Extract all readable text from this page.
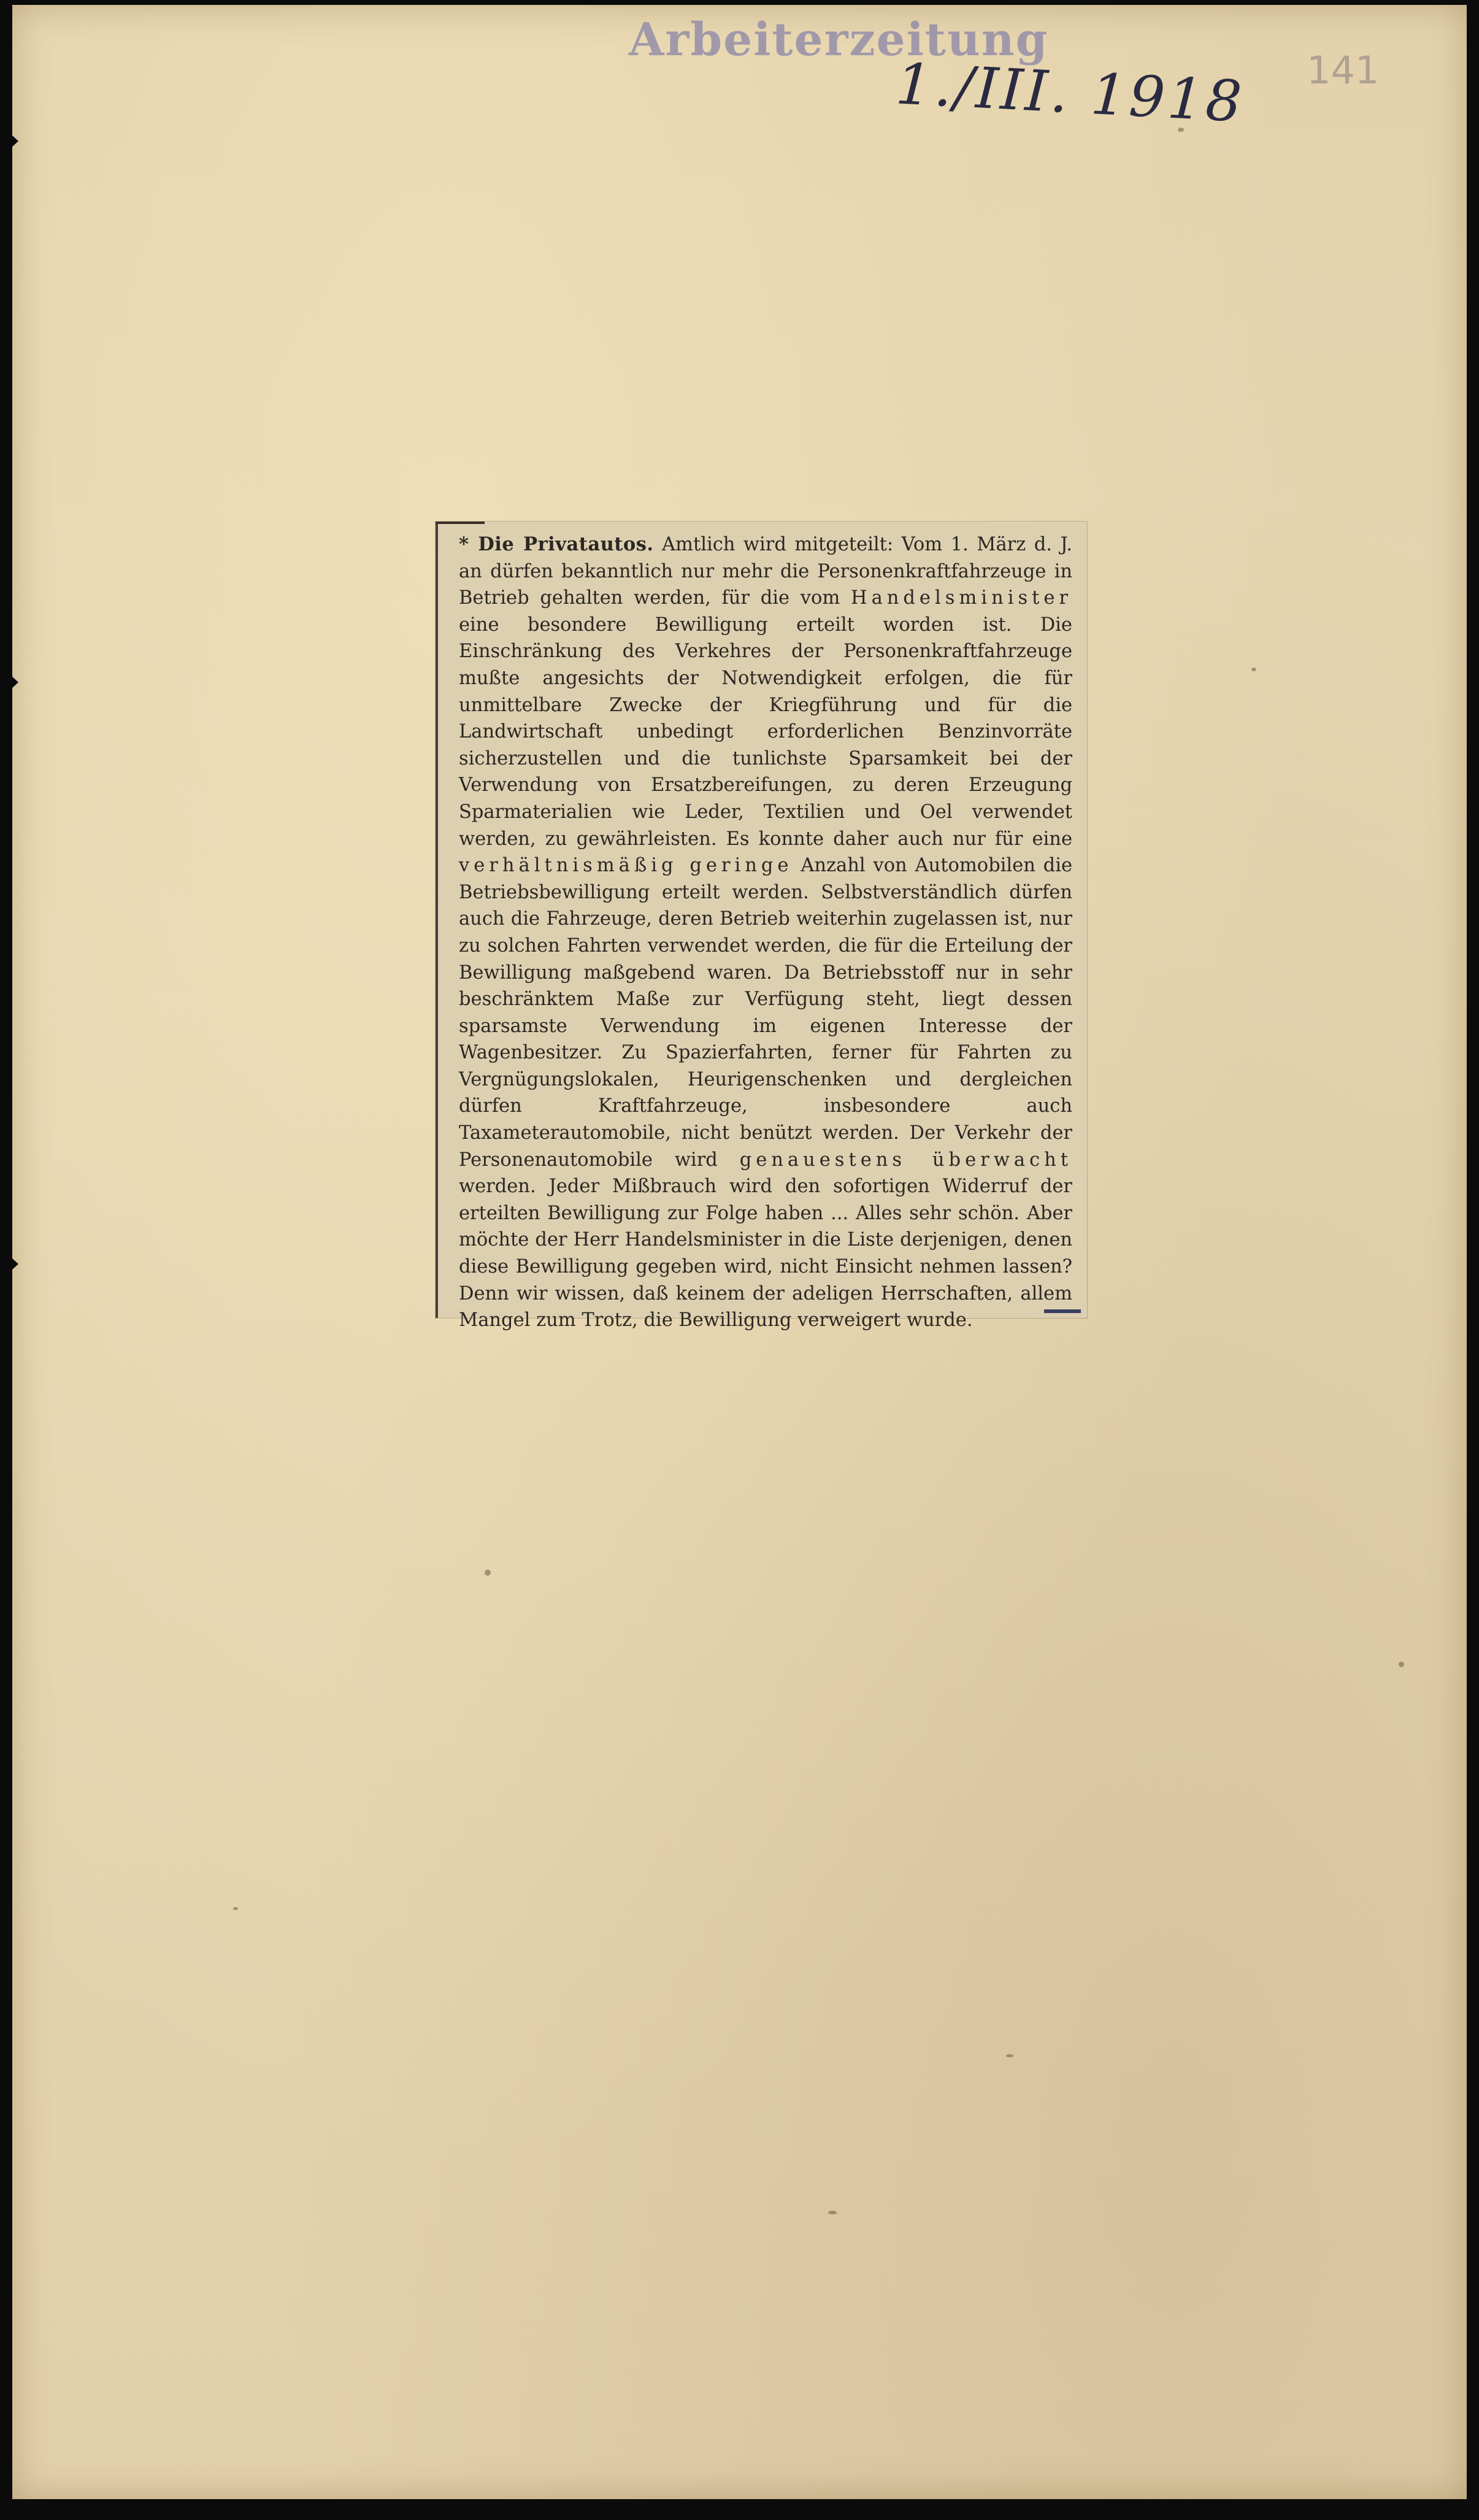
Arbeiterzeitung
1./III. 1918 141

* Die Privatautos. Amtlich wird mitgeteilt: Vom 1. März d. J. an dürfen bekanntlich nur mehr die Personenkraftfahrzeuge in Betrieb gehalten werden, für die vom Handelsminister eine besondere Bewilligung erteilt worden ist. Die Einschränkung des Verkehres der Personenkraftfahrzeuge mußte angesichts der Notwendigkeit erfolgen, die für unmittelbare Zwecke der Kriegführung und für die Landwirtschaft unbedingt erforderlichen Benzinvorräte sicherzustellen und die tunlichste Sparsamkeit bei der Verwendung von Ersatzbereifungen, zu deren Erzeugung Sparmaterialien wie Leder, Textilien und Oel verwendet werden, zu gewährleisten. Es konnte daher auch nur für eine verhältnismäßig geringe Anzahl von Automobilen die Betriebsbewilligung erteilt werden. Selbstverständlich dürfen auch die Fahrzeuge, deren Betrieb weiterhin zugelassen ist, nur zu solchen Fahrten verwendet werden, die für die Erteilung der Bewilligung maßgebend waren. Da Betriebsstoff nur in sehr beschränktem Maße zur Verfügung steht, liegt dessen sparsamste Verwendung im eigenen Interesse der Wagenbesitzer. Zu Spazierfahrten, ferner für Fahrten zu Vergnügungslokalen, Heurigenschenken und dergleichen dürfen Kraftfahrzeuge, insbesondere auch Taxameterautomobile, nicht benützt werden. Der Verkehr der Personenautomobile wird genauestens überwacht werden. Jeder Mißbrauch wird den sofortigen Widerruf der erteilten Bewilligung zur Folge haben ... Alles sehr schön. Aber möchte der Herr Handelsminister in die Liste derjenigen, denen diese Bewilligung gegeben wird, nicht Einsicht nehmen lassen? Denn wir wissen, daß keinem der adeligen Herrschaften, allem Mangel zum Trotz, die Bewilligung verweigert wurde.
